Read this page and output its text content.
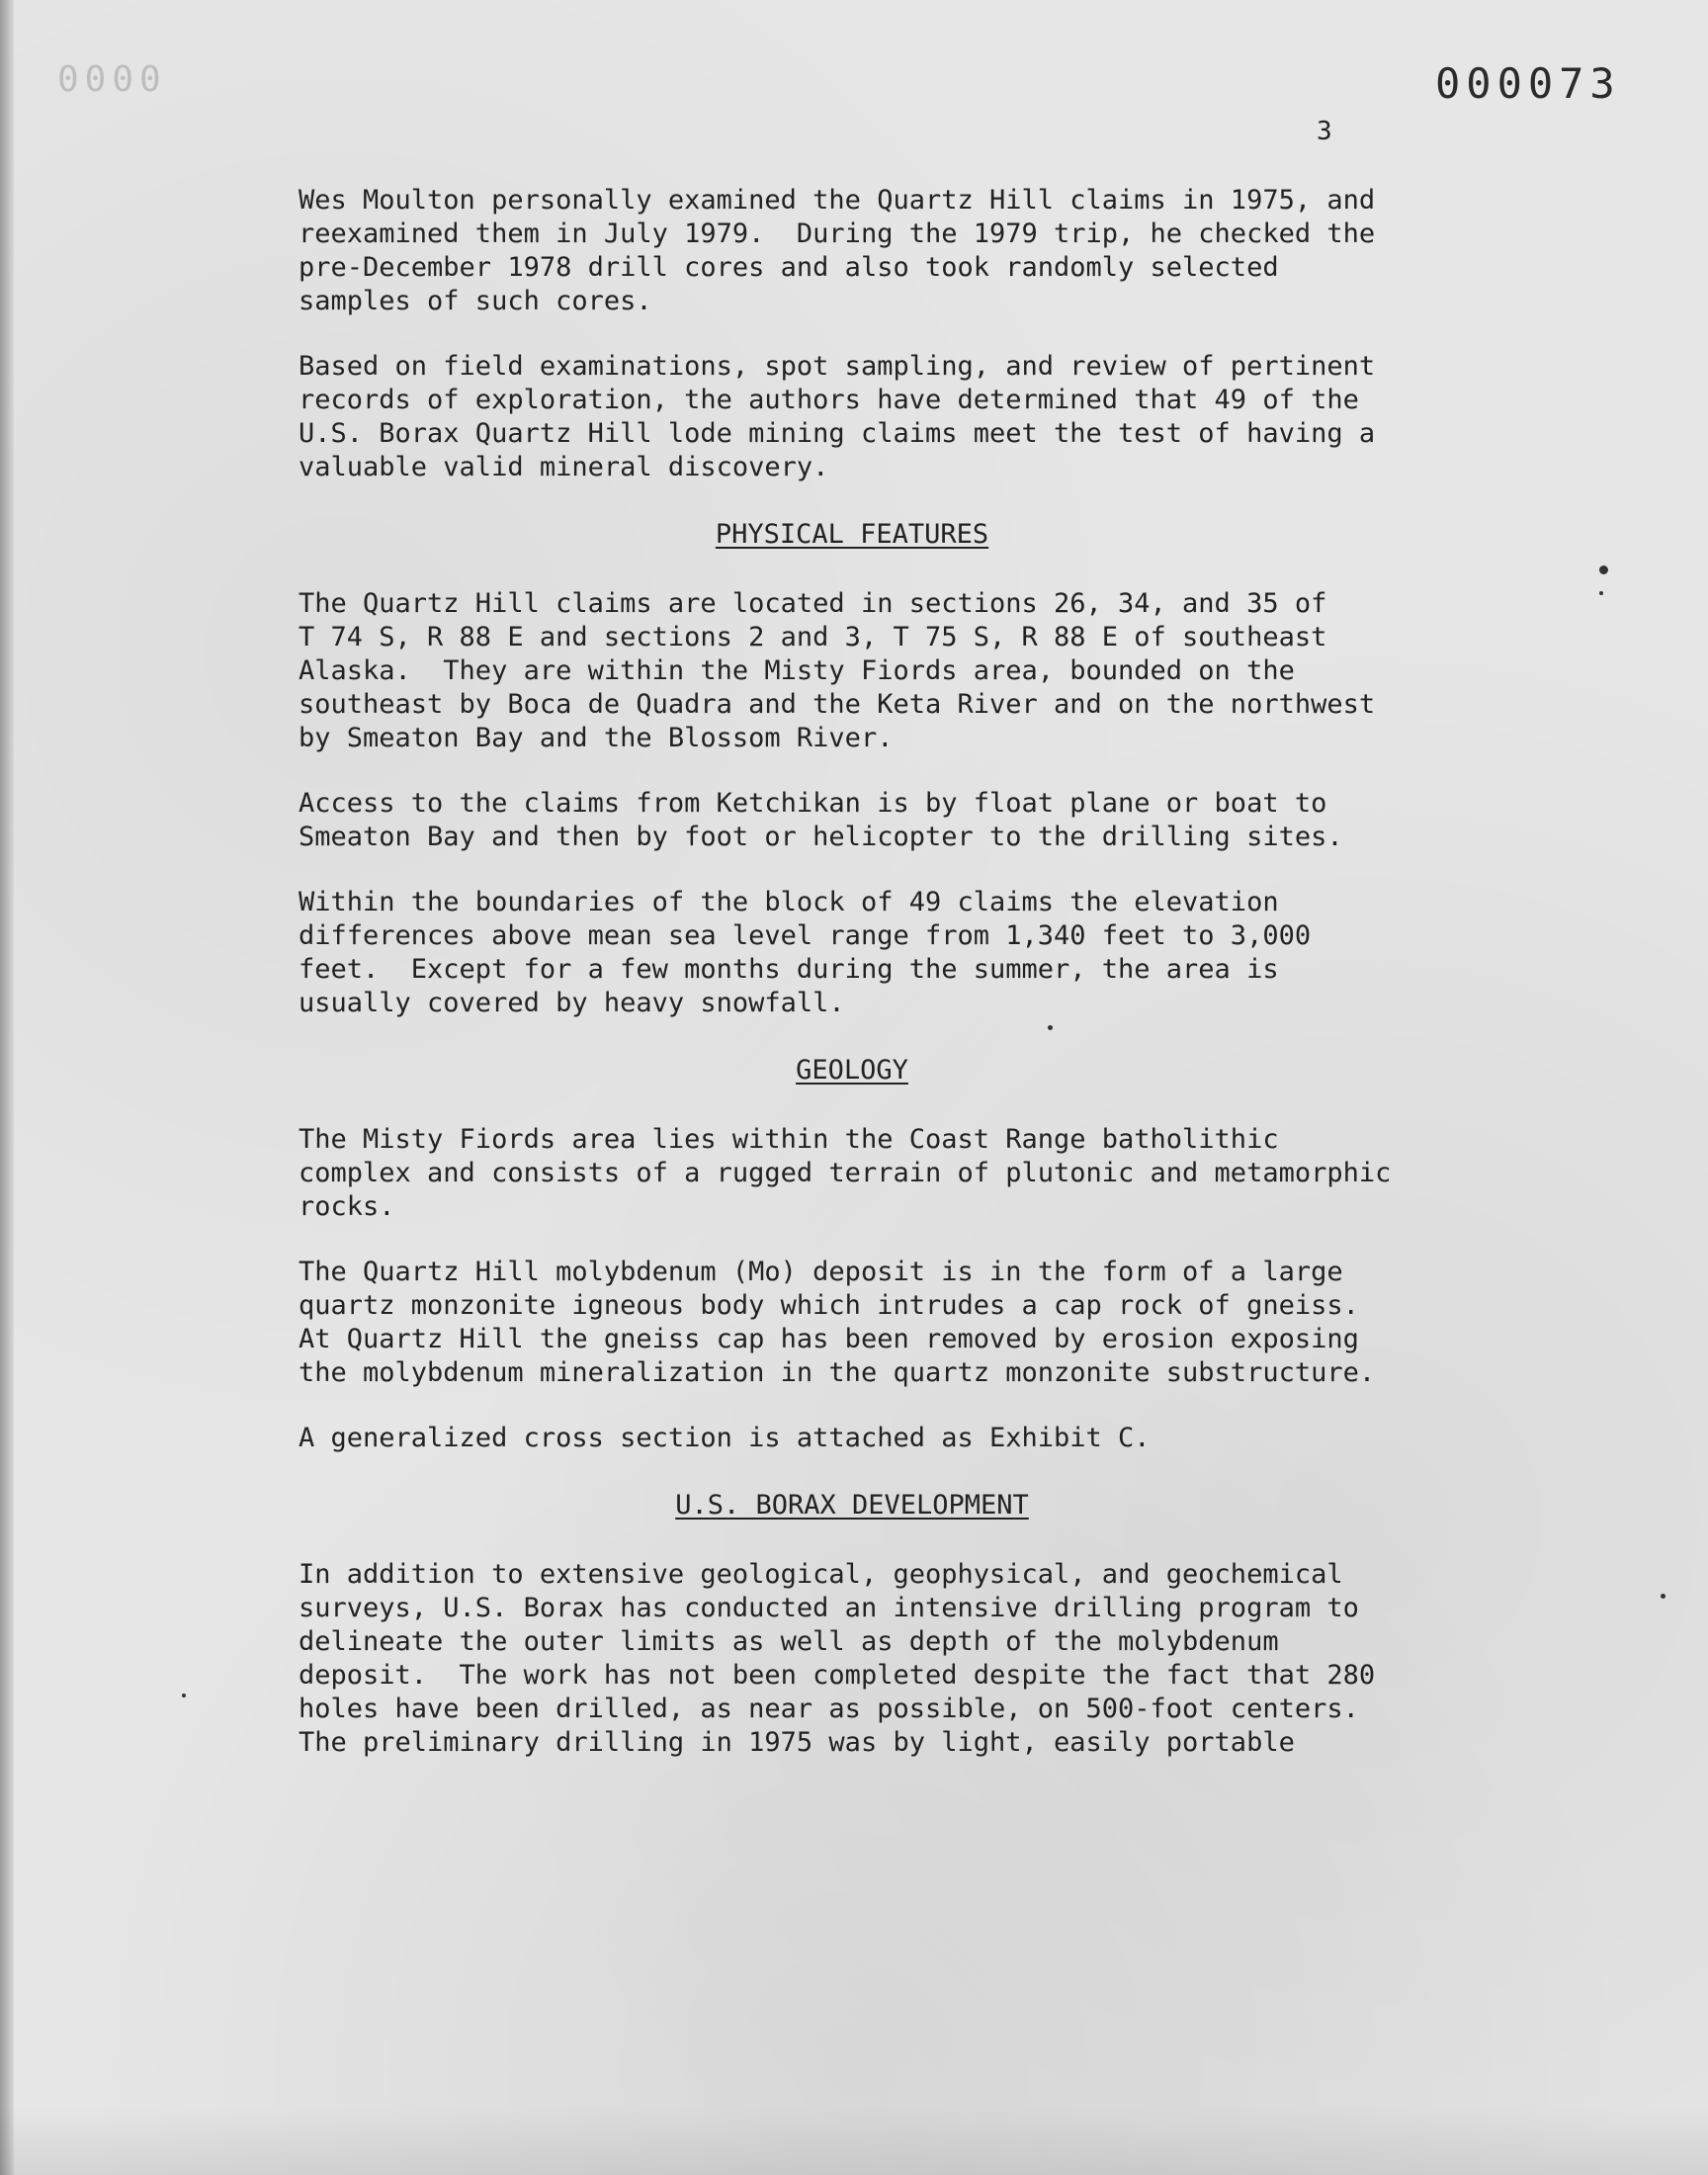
0000	000073
3
Wes Moulton personally examined the Quartz Hill claims in 1975, and
reexamined them in July 1979.  During the 1979 trip, he checked the
pre-December 1978 drill cores and also took randomly selected
samples of such cores.
Based on field examinations, spot sampling, and review of pertinent
records of exploration, the authors have determined that 49 of the
U.S. Borax Quartz Hill lode mining claims meet the test of having a
valuable valid mineral discovery.
PHYSICAL FEATURES
The Quartz Hill claims are located in sections 26, 34, and 35 of
T 74 S, R 88 E and sections 2 and 3, T 75 S, R 88 E of southeast
Alaska.  They are within the Misty Fiords area, bounded on the
southeast by Boca de Quadra and the Keta River and on the northwest
by Smeaton Bay and the Blossom River.
Access to the claims from Ketchikan is by float plane or boat to
Smeaton Bay and then by foot or helicopter to the drilling sites.
Within the boundaries of the block of 49 claims the elevation
differences above mean sea level range from 1,340 feet to 3,000
feet.  Except for a few months during the summer, the area is
usually covered by heavy snowfall.
GEOLOGY
The Misty Fiords area lies within the Coast Range batholithic
complex and consists of a rugged terrain of plutonic and metamorphic
rocks.
The Quartz Hill molybdenum (Mo) deposit is in the form of a large
quartz monzonite igneous body which intrudes a cap rock of gneiss.
At Quartz Hill the gneiss cap has been removed by erosion exposing
the molybdenum mineralization in the quartz monzonite substructure.
A generalized cross section is attached as Exhibit C.
U.S. BORAX DEVELOPMENT
In addition to extensive geological, geophysical, and geochemical
surveys, U.S. Borax has conducted an intensive drilling program to
delineate the outer limits as well as depth of the molybdenum
deposit.  The work has not been completed despite the fact that 280
holes have been drilled, as near as possible, on 500-foot centers.
The preliminary drilling in 1975 was by light, easily portable
